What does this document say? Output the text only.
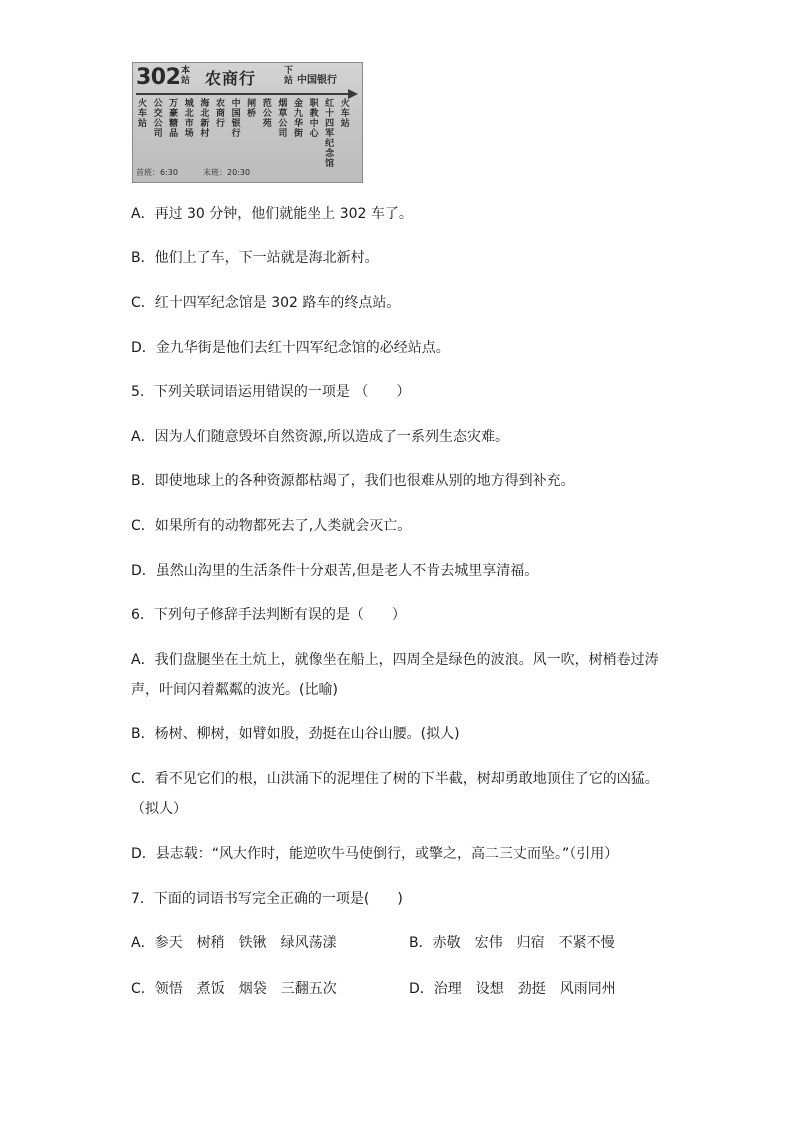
302 本站 农商行	下站 中国银行
火车站
公交公司
万豪糖品
城北市场
海北新村
农商行
中国银行
闸桥
范公苑
烟草公司
金九华街
职教中心
红十四军纪念馆
火车站
首班：6:30	末班：20:30
A．再过 30 分钟，他们就能坐上 302 车了。
B．他们上了车，下一站就是海北新村。
C．红十四军纪念馆是 302 路车的终点站。
D．金九华街是他们去红十四军纪念馆的必经站点。
5．下列关联词语运用错误的一项是 （　　）
A．因为人们随意毁坏自然资源,所以造成了一系列生态灾难。
B．即使地球上的各种资源都枯竭了，我们也很难从别的地方得到补充。
C．如果所有的动物都死去了,人类就会灭亡。
D．虽然山沟里的生活条件十分艰苦,但是老人不肯去城里享清福。
6．下列句子修辞手法判断有误的是（　　）
A．我们盘腿坐在土炕上，就像坐在船上，四周全是绿色的波浪。风一吹，树梢卷过涛
声，叶间闪着粼粼的波光。(比喻)
B．杨树、柳树，如臂如股，劲挺在山谷山腰。(拟人)
C．看不见它们的根，山洪涌下的泥埋住了树的下半截，树却勇敢地顶住了它的凶猛。
（拟人）
D．县志载：“风大作时，能逆吹牛马使倒行，或擎之，高二三丈而坠。”（引用）
7．下面的词语书写完全正确的一项是(　　)
A．参天　树稍　铁锹　绿风荡漾	B．赤敬　宏伟　归宿　不紧不慢
C．领悟　煮饭　烟袋　三翻五次	D．治理　设想　劲挺　风雨同州
